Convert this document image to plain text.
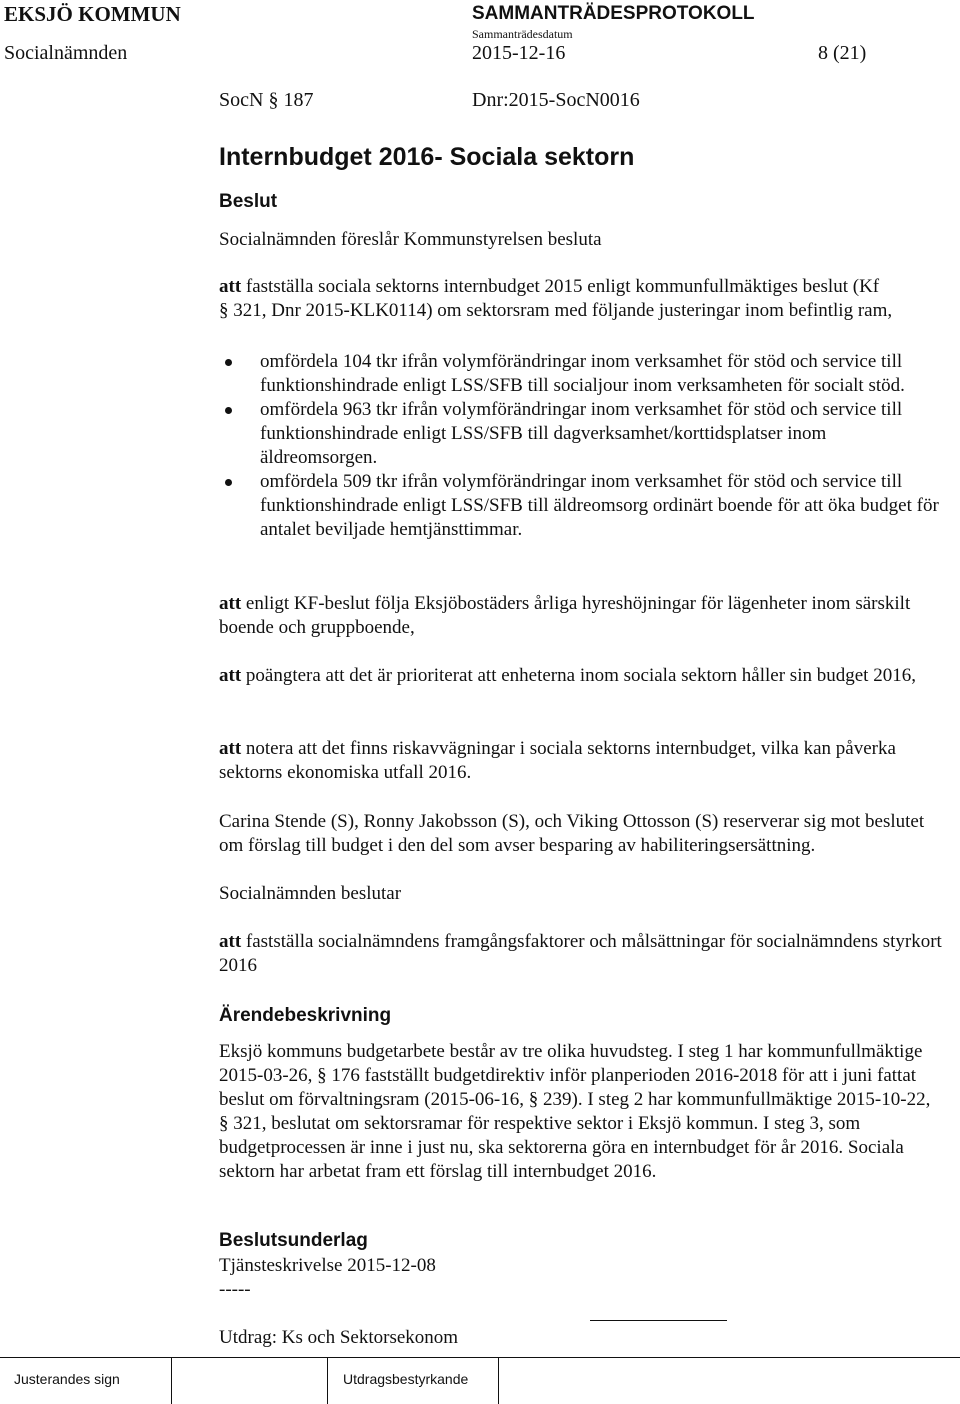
EKSJÖ KOMMUN	SAMMANTRÄDESPROTOKOLL
Sammanträdesdatum
Socialnämnden	2015-12-16	8 (21)
SocN § 187	Dnr:2015-SocN0016
Internbudget 2016- Sociala sektorn
Beslut
Socialnämnden föreslår Kommunstyrelsen besluta

att fastställa sociala sektorns internbudget 2015 enligt kommunfullmäktiges beslut (Kf
§ 321, Dnr 2015-KLK0114) om sektorsram med följande justeringar inom befintlig ram,

omfördela 104 tkr ifrån volymförändringar inom verksamhet för stöd och service till funktionshindrade enligt LSS/SFB till socialjour inom verksamheten för socialt stöd.
omfördela 963 tkr ifrån volymförändringar inom verksamhet för stöd och service till funktionshindrade enligt LSS/SFB till dagverksamhet/korttidsplatser inom äldreomsorgen.
omfördela 509 tkr ifrån volymförändringar inom verksamhet för stöd och service till funktionshindrade enligt LSS/SFB till äldreomsorg ordinärt boende för att öka budget för antalet beviljade hemtjänsttimmar.

att enligt KF-beslut följa Eksjöbostäders årliga hyreshöjningar för lägenheter inom särskilt boende och gruppboende,

att poängtera att det är prioriterat att enheterna inom sociala sektorn håller sin budget 2016,

att notera att det finns riskavvägningar i sociala sektorns internbudget, vilka kan påverka sektorns ekonomiska utfall 2016.

Carina Stende (S), Ronny Jakobsson (S), och Viking Ottosson (S) reserverar sig mot beslutet om förslag till budget i den del som avser besparing av habiliteringsersättning.

Socialnämnden beslutar

att fastställa socialnämndens framgångsfaktorer och målsättningar för socialnämndens styrkort 2016

Ärendebeskrivning

Eksjö kommuns budgetarbete består av tre olika huvudsteg. I steg 1 har kommunfullmäktige 2015-03-26, § 176 fastställt budgetdirektiv inför planperioden 2016-2018 för att i juni fattat beslut om förvaltningsram (2015-06-16, § 239). I steg 2 har kommunfullmäktige 2015-10-22, § 321, beslutat om sektorsramar för respektive sektor i Eksjö kommun. I steg 3, som budgetprocessen är inne i just nu, ska sektorerna göra en internbudget för år 2016. Sociala sektorn har arbetat fram ett förslag till internbudget 2016.

Beslutsunderlag
Tjänsteskrivelse 2015-12-08
-----
Utdrag: Ks och Sektorsekonom
Justerandes sign	Utdragsbestyrkande
